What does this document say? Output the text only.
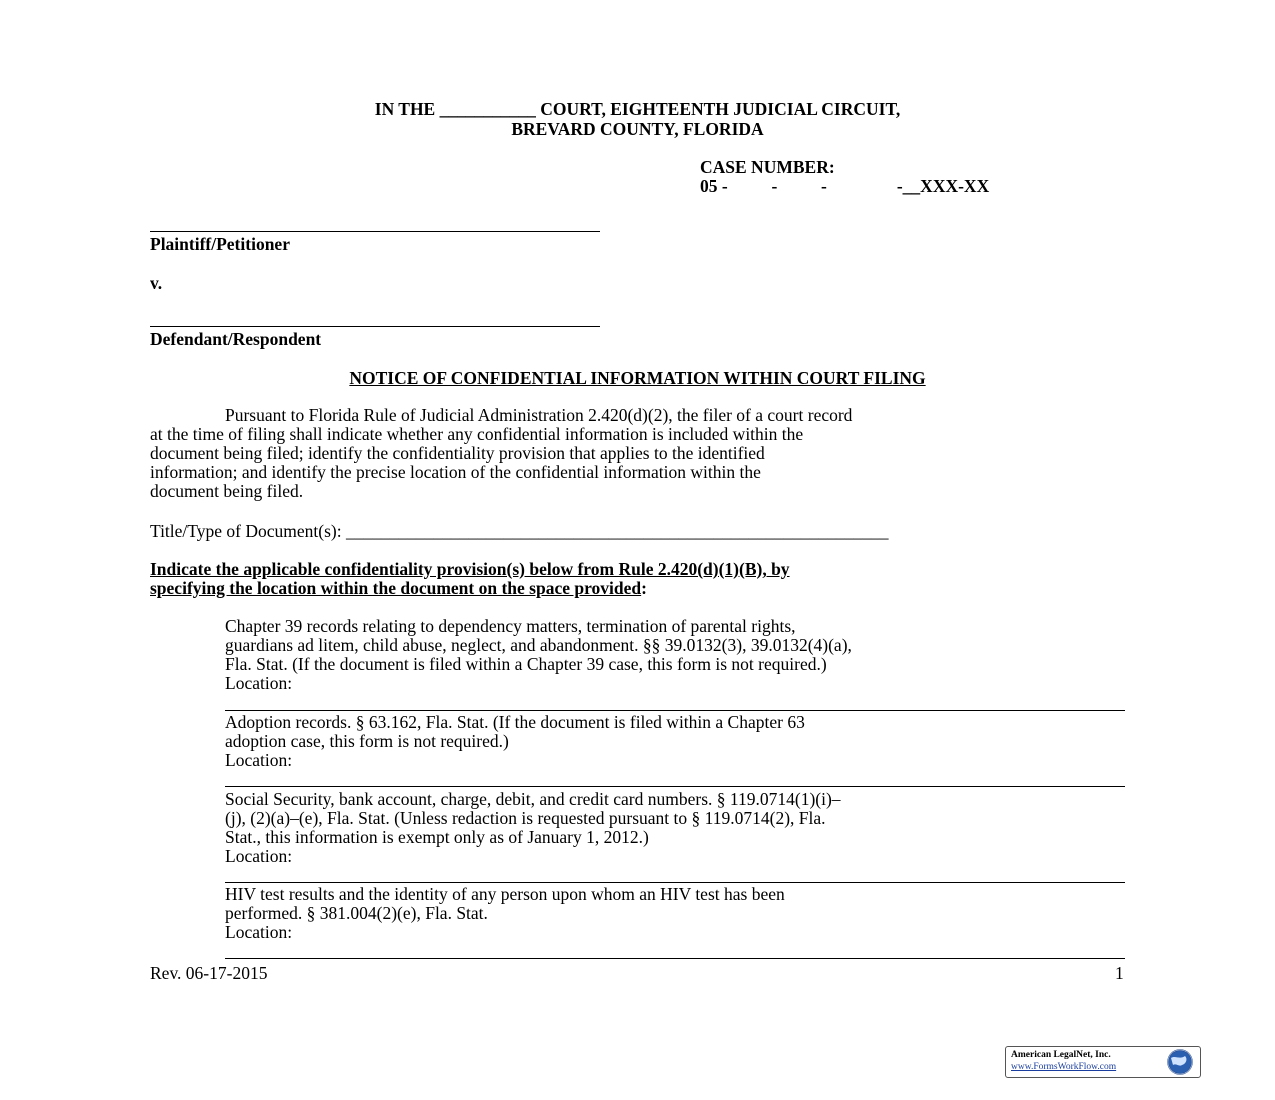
IN THE ___________ COURT, EIGHTEENTH JUDICIAL CIRCUIT,
BREVARD COUNTY, FLORIDA
CASE NUMBER:
05 -          -          -                -__XXX-XX
Plaintiff/Petitioner
v.
Defendant/Respondent
NOTICE OF CONFIDENTIAL INFORMATION WITHIN COURT FILING
Pursuant to Florida Rule of Judicial Administration 2.420(d)(2), the filer of a court record
at the time of filing shall indicate whether any confidential information is included within the
document being filed; identify the confidentiality provision that applies to the identified
information; and identify the precise location of the confidential information within the
document being filed.
Title/Type of Document(s): ______________________________________________________________
Indicate the applicable confidentiality provision(s) below from Rule 2.420(d)(1)(B), by
specifying the location within the document on the space provided:
Chapter 39 records relating to dependency matters, termination of parental rights,
guardians ad litem, child abuse, neglect, and abandonment. §§ 39.0132(3), 39.0132(4)(a),
Fla. Stat. (If the document is filed within a Chapter 39 case, this form is not required.)
Location:
Adoption records. § 63.162, Fla. Stat. (If the document is filed within a Chapter 63
adoption case, this form is not required.)
Location:
Social Security, bank account, charge, debit, and credit card numbers. § 119.0714(1)(i)–
(j), (2)(a)–(e), Fla. Stat. (Unless redaction is requested pursuant to § 119.0714(2), Fla.
Stat., this information is exempt only as of January 1, 2012.)
Location:
HIV test results and the identity of any person upon whom an HIV test has been
performed. § 381.004(2)(e), Fla. Stat.
Location:
Rev. 06-17-2015	1
American LegalNet, Inc.
www.FormsWorkFlow.com
